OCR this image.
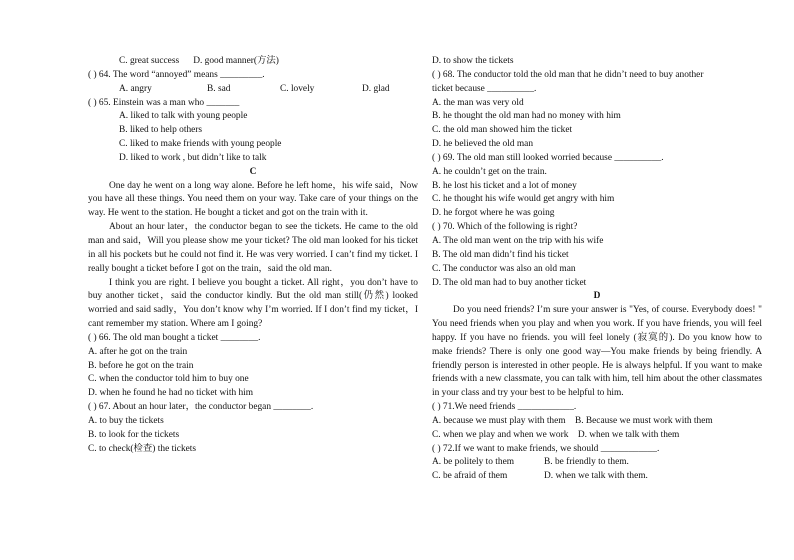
C. great success D. good manner(方法)
( ) 64. The word “annoyed” means _________.
A. angry	B. sad	C. lovely	D. glad
( ) 65. Einstein was a man who _______
A. liked to talk with young people
B. liked to help others
C. liked to make friends with young people
D. liked to work , but didn’t like to talk
C
One day he went on a long way alone. Before he left home，his wife said，Now you have all these things. You need them on your way. Take care of your things on the way. He went to the station. He bought a ticket and got on the train with it.
About an hour later，the conductor began to see the tickets. He came to the old man and said，Will you please show me your ticket? The old man looked for his ticket in all his pockets but he could not find it. He was very worried. I can’t find my ticket. I really bought a ticket before I got on the train，said the old man.
I think you are right. I believe you bought a ticket. All right，you don’t have to buy another ticket，said the conductor kindly. But the old man still(仍然) looked worried and said sadly，You don’t know why I’m worried. If I don’t find my ticket，I cant remember my station. Where am I going?
( ) 66. The old man bought a ticket ________.
A. after he got on the train
B. before he got on the train
C. when the conductor told him to buy one
D. when he found he had no ticket with him
( ) 67. About an hour later，the conductor began ________.
A. to buy the tickets
B. to look for the tickets
C. to check(检查) the tickets
D. to show the tickets
( ) 68. The conductor told the old man that he didn’t need to buy another
ticket because __________.
A. the man was very old
B. he thought the old man had no money with him
C. the old man showed him the ticket
D. he believed the old man
( ) 69. The old man still looked worried because __________.
A. he couldn’t get on the train.
B. he lost his ticket and a lot of money
C. he thought his wife would get angry with him
D. he forgot where he was going
( ) 70. Which of the following is right?
A. The old man went on the trip with his wife
B. The old man didn’t find his ticket
C. The conductor was also an old man
D. The old man had to buy another ticket
D
Do you need friends? I’m sure your answer is "Yes, of course. Everybody does! " You need friends when you play and when you work. If you have friends, you will feel happy. If you have no friends. you will feel lonely (寂寞的). Do you know how to make friends? There is only one good way—You make friends by being friendly. A friendly person is interested in other people. He is always helpful. If you want to make friends with a new classmate, you can talk with him, tell him about the other classmates in your class and try your best to be helpful to him.
( ) 71.We need friends ____________.
A. because we must play with them
B. Because we must work with them
C. when we play and when we work
D. when we talk with them
( ) 72.If we want to make friends, we should ____________.
A. be politely to them	B. be friendly to them.
C. be afraid of them	D. when we talk with them.
